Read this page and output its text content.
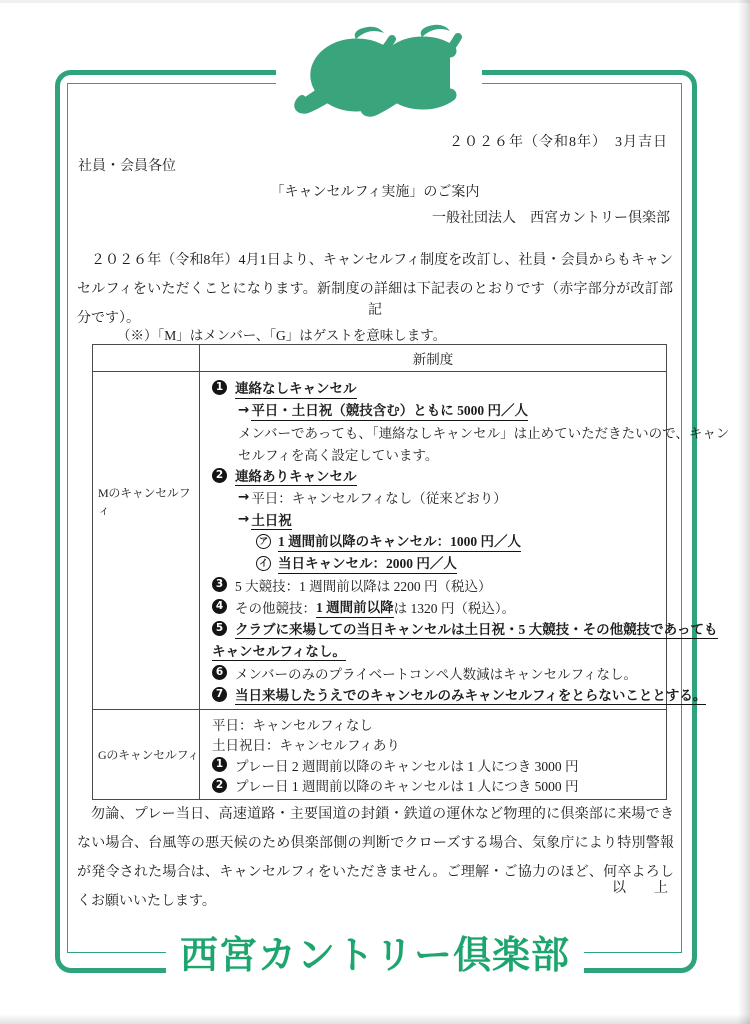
２０２６年（令和8年）　3月吉日
社員・会員各位
「キャンセルフィ実施」のご案内
一般社団法人　西宮カントリー倶楽部
２０２６年（令和8年）4月1日より、キャンセルフィ制度を改訂し、社員・会員からもキャンセルフィをいただくことになります。新制度の詳細は下記表のとおりです（赤字部分が改訂部分です）。
記
（※）「M」はメンバー、「G」はゲストを意味します。
新制度
Mのキャンセルフィ
1 連絡なしキャンセル
→ 平日・土日祝（競技含む）ともに 5000 円／人
メンバーであっても、「連絡なしキャンセル」は止めていただきたいので、キャン
セルフィを高く設定しています。
2 連絡ありキャンセル
→ 平日：キャンセルフィなし（従来どおり）
→ 土日祝
ア 1 週間前以降のキャンセル：1000 円／人
イ 当日キャンセル：2000 円／人
3 5 大競技：1 週間前以降は 2200 円（税込）
4 その他競技： 1 週間前以降 は 1320 円（税込）。
5 クラブに来場しての当日キャンセルは土日祝・5 大競技・その他競技であっても
キャンセルフィなし。
6 メンバーのみのプライベートコンペ人数減はキャンセルフィなし。
7 当日来場したうえでのキャンセルのみキャンセルフィをとらないこととする。
Gのキャンセルフィ
平日：キャンセルフィなし
土日祝日：キャンセルフィあり
1 プレー日 2 週間前以降のキャンセルは 1 人につき 3000 円
2 プレー日 1 週間前以降のキャンセルは 1 人につき 5000 円
勿論、プレー当日、高速道路・主要国道の封鎖・鉄道の運休など物理的に倶楽部に来場できない場合、台風等の悪天候のため倶楽部側の判断でクローズする場合、気象庁により特別警報が発令された場合は、キャンセルフィをいただきません。ご理解・ご協力のほど、何卒よろしくお願いいたします。
以　　上
西宮カントリー倶楽部
